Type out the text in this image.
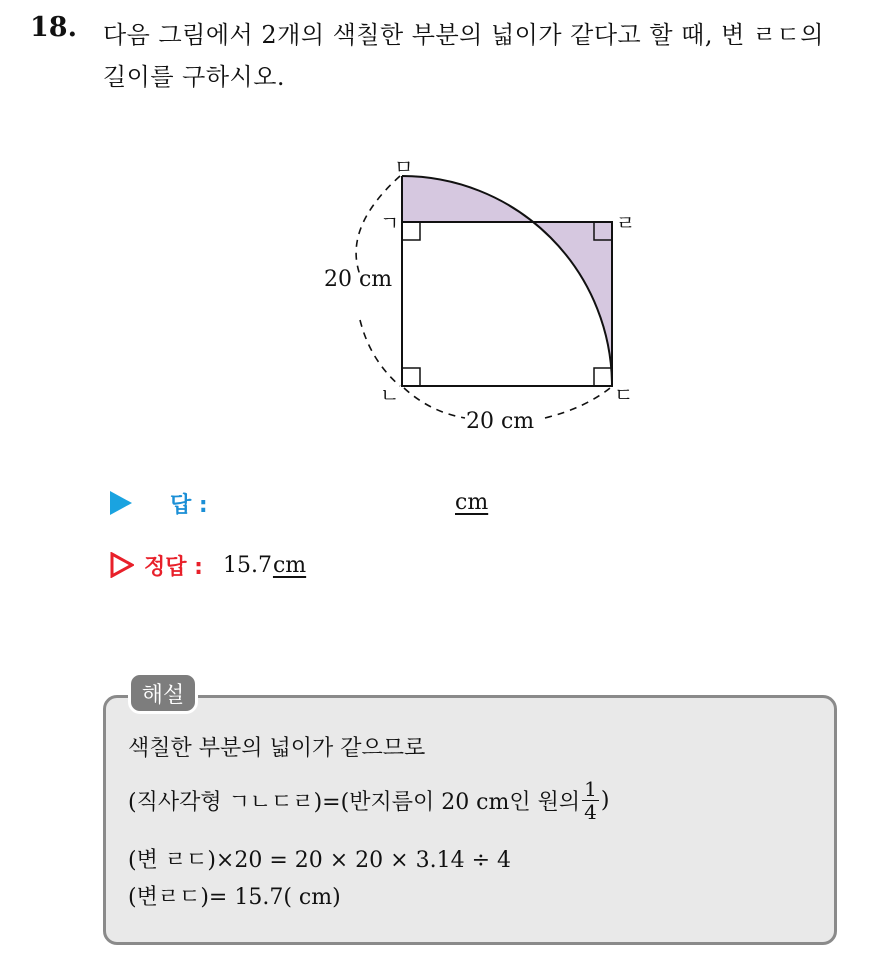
18. 다음 그림에서 2개의 색칠한 부분의 넓이가 같다고 할 때, 변 ㄹㄷ의
길이를 구하시오.
ㅁ
ㄱ	ㄹ
ㄴ	ㄷ
20 cm
20 cm
답 :	cm
정답 : 15.7 cm
해설
색칠한 부분의 넓이가 같으므로
(직사각형 ㄱㄴㄷㄹ)=(반지름이 20 cm인 원의 $\frac{1}{4}$ )
(변 ㄹㄷ)×20 = 20 × 20 × 3.14 ÷ 4
(변ㄹㄷ)= 15.7( cm)
